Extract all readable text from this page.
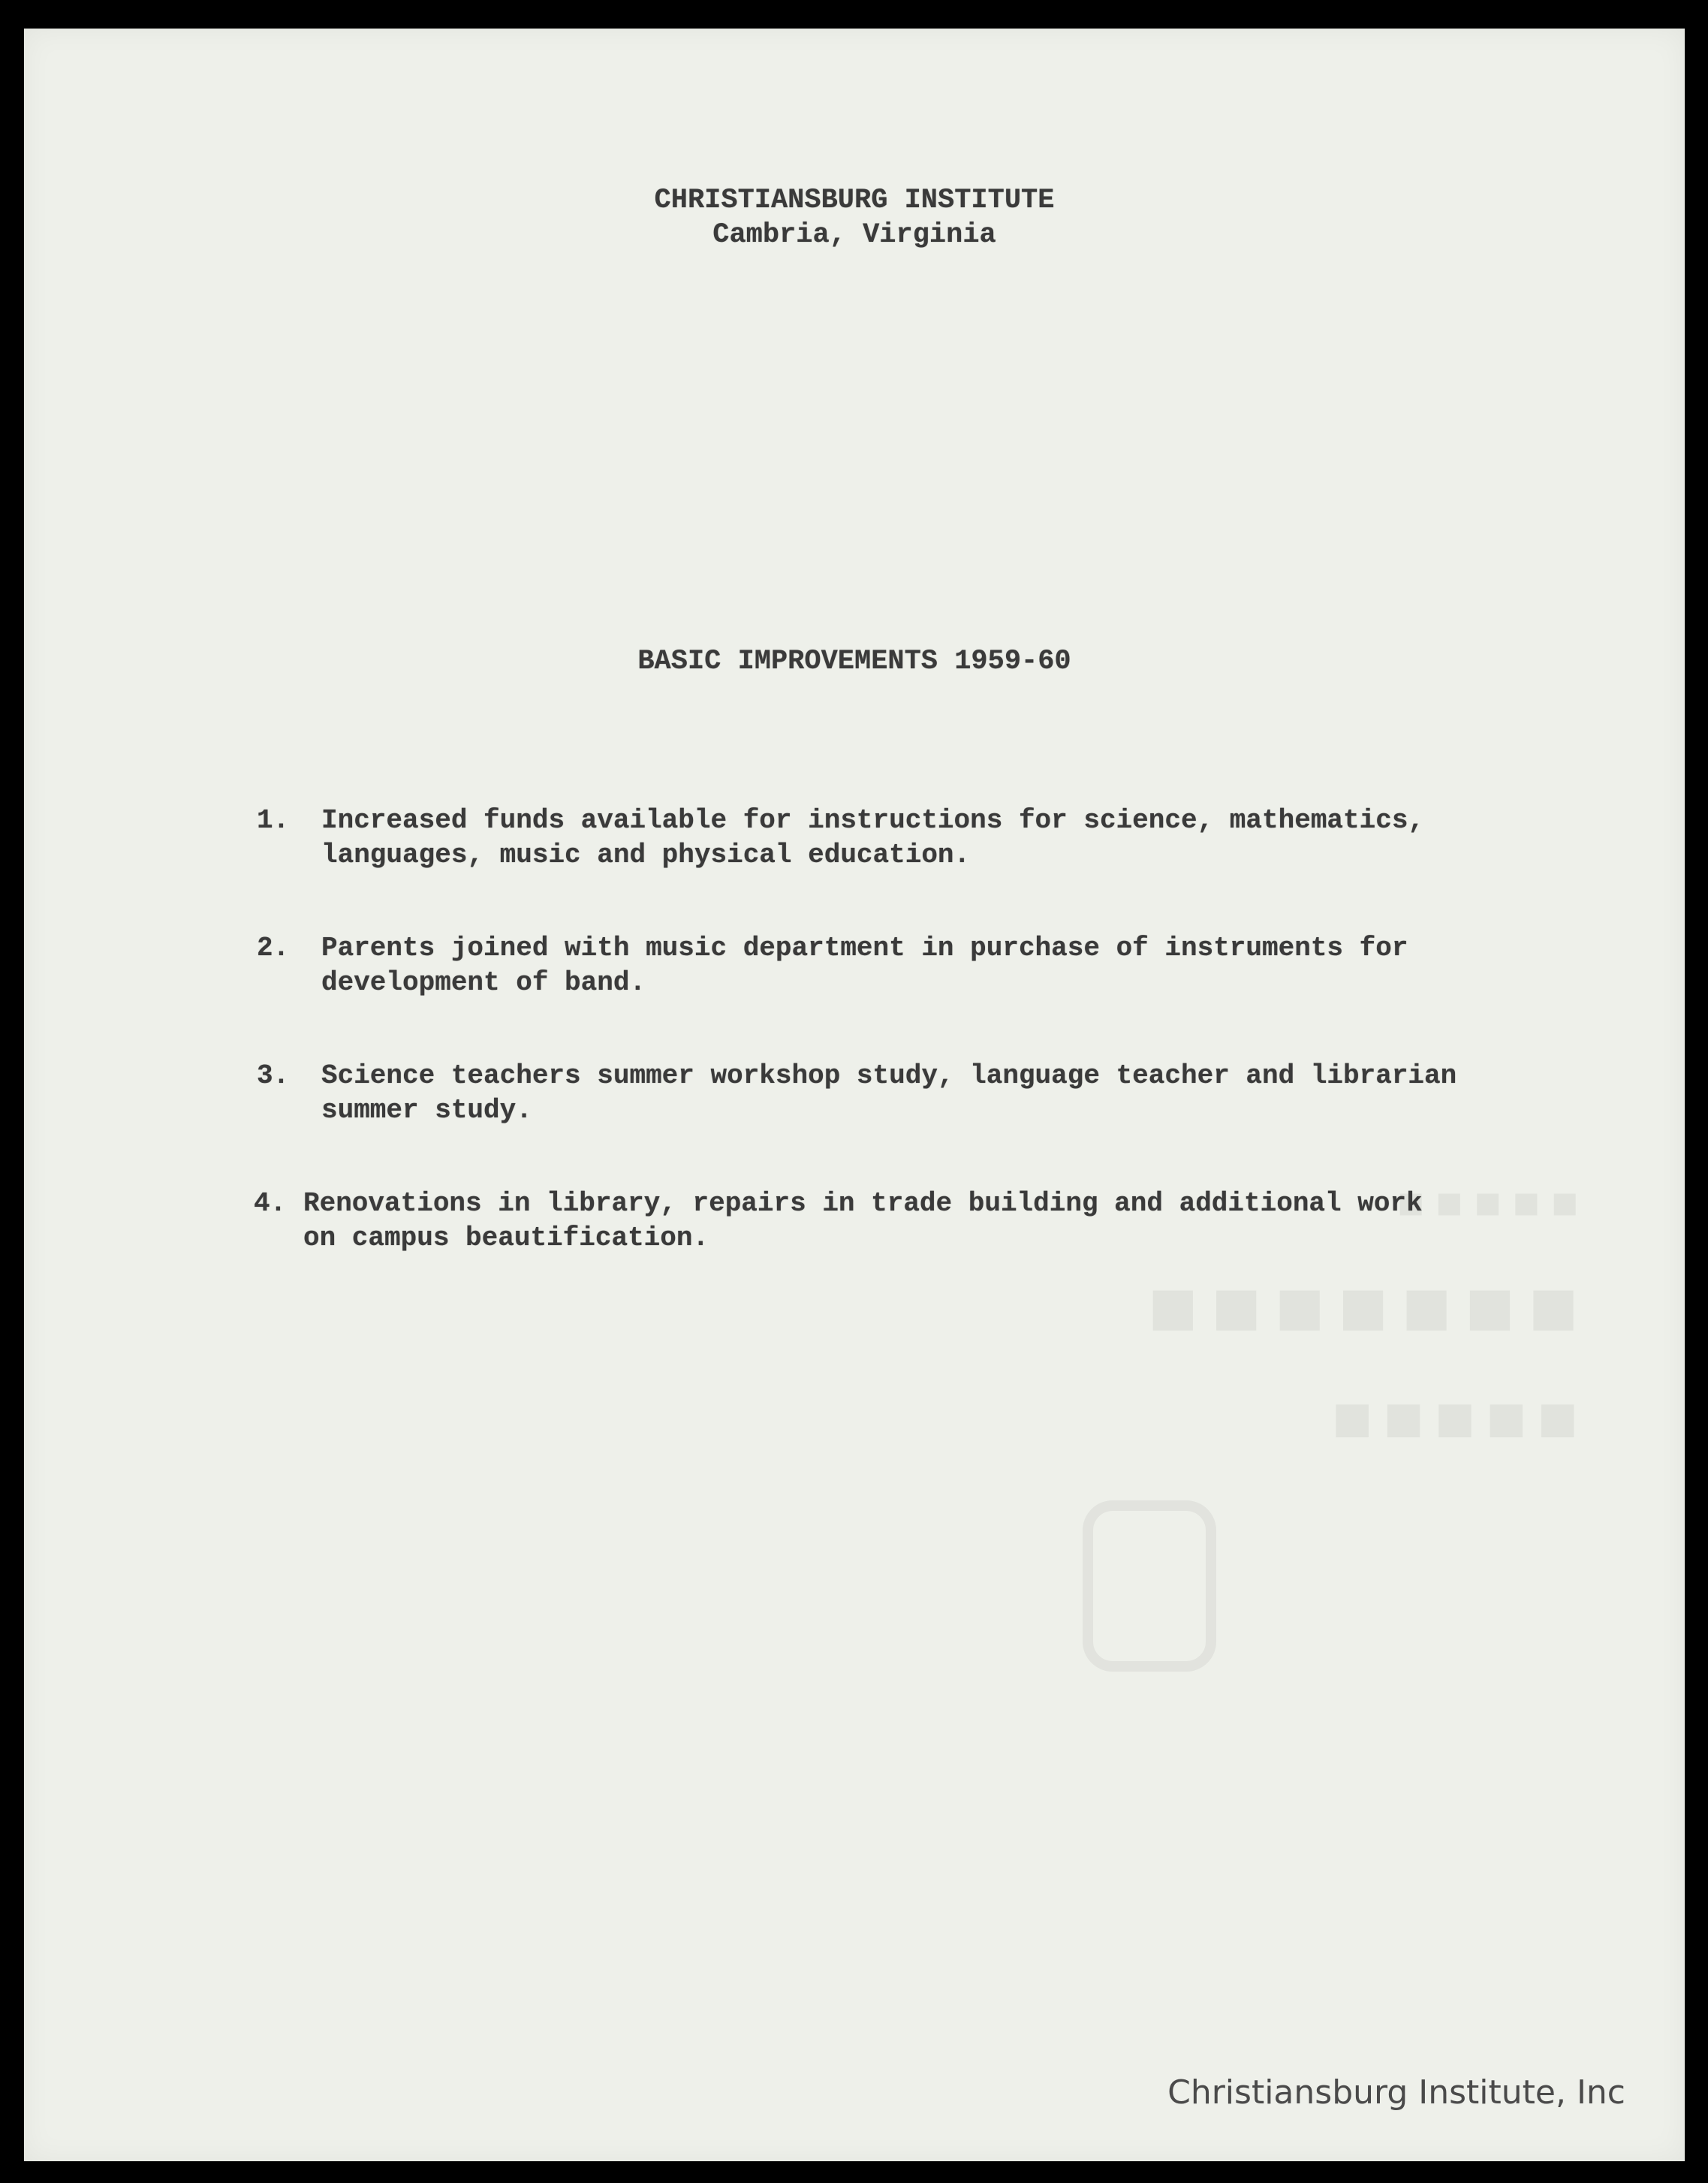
■ ■ ■ ■ ■
■■■■■■■
■■■■■
CHRISTIANSBURG INSTITUTE
Cambria, Virginia
BASIC IMPROVEMENTS 1959-60
1. Increased funds available for instructions for science, mathematics,
languages, music and physical education.
2. Parents joined with music department in purchase of instruments for
development of band.
3. Science teachers summer workshop study, language teacher and librarian
summer study.
4. Renovations in library, repairs in trade building and additional work
on campus beautification.
Christiansburg Institute, Inc
